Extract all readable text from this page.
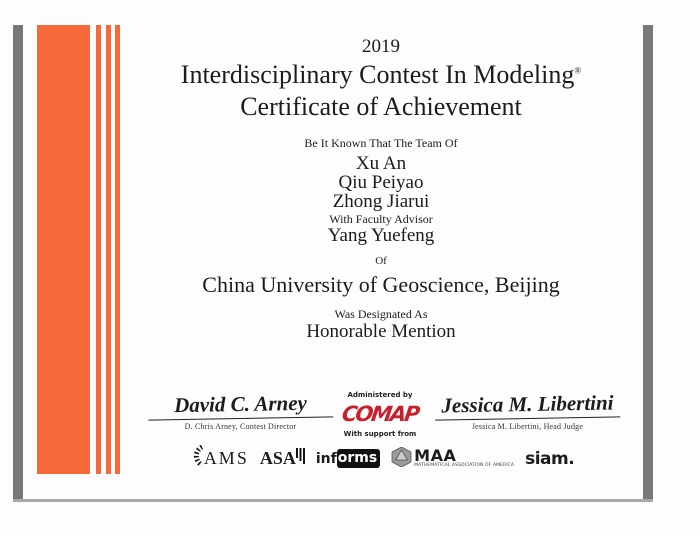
2019
Interdisciplinary Contest In Modeling®
Certificate of Achievement
Be It Known That The Team Of
Xu An
Qiu Peiyao
Zhong Jiarui
With Faculty Advisor
Yang Yuefeng
Of
China University of Geoscience, Beijing
Was Designated As
Honorable Mention
David C. Arney
D. Chris Arney, Contest Director
Administered by
COMAP
With support from
Jessica M. Libertini
Jessica M. Libertini, Head Judge
AMS ASA inf orms MAA
MATHEMATICAL ASSOCIATION OF AMERICA siam.
